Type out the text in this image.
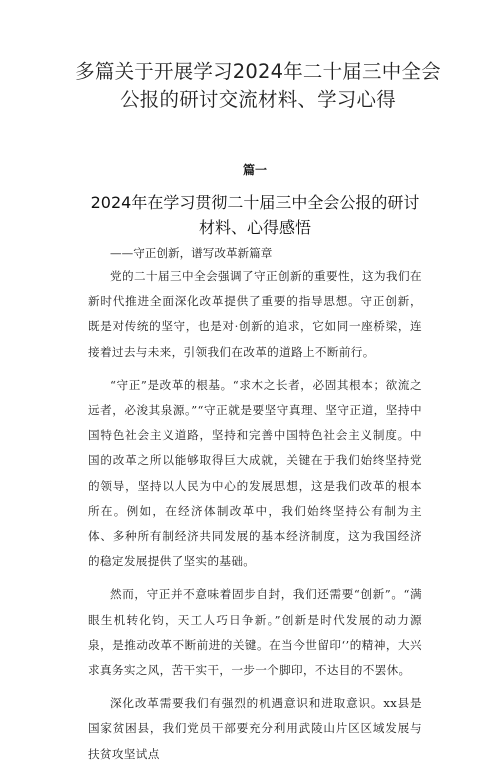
多篇关于开展学习2024年二十届三中全会
公报的研讨交流材料、学习心得
篇一
2024年在学习贯彻二十届三中全会公报的研讨
材料、心得感悟
——守正创新，谱写改革新篇章

党的二十届三中全会强调了守正创新的重要性，这为我们在新时代推进全面深化改革提供了重要的指导思想。守正创新，既是对传统的坚守，也是对·创新的追求，它如同一座桥梁，连接着过去与未来，引领我们在改革的道路上不断前行。

“守正”是改革的根基。“求木之长者，必固其根本；欲流之远者，必浚其泉源。”“守正就是要坚守真理、坚守正道，坚持中国特色社会主义道路，坚持和完善中国特色社会主义制度。中国的改革之所以能够取得巨大成就，关键在于我们始终坚持党的领导，坚持以人民为中心的发展思想，这是我们改革的根本所在。例如，在经济体制改革中，我们始终坚持公有制为主体、多种所有制经济共同发展的基本经济制度，这为我国经济的稳定发展提供了坚实的基础。

然而，守正并不意味着固步自封，我们还需要“创新”。“满眼生机转化钧，天工人巧日争新。”创新是时代发展的动力源泉，是推动改革不断前进的关键。在当今世留印‘’的精神，大兴求真务实之风，苦干实干，一步一个脚印，不达目的不罢休。

深化改革需要我们有强烈的机遇意识和进取意识。xx县是国家贫困县，我们党员干部要充分利用武陵山片区区域发展与扶贫攻坚试点
